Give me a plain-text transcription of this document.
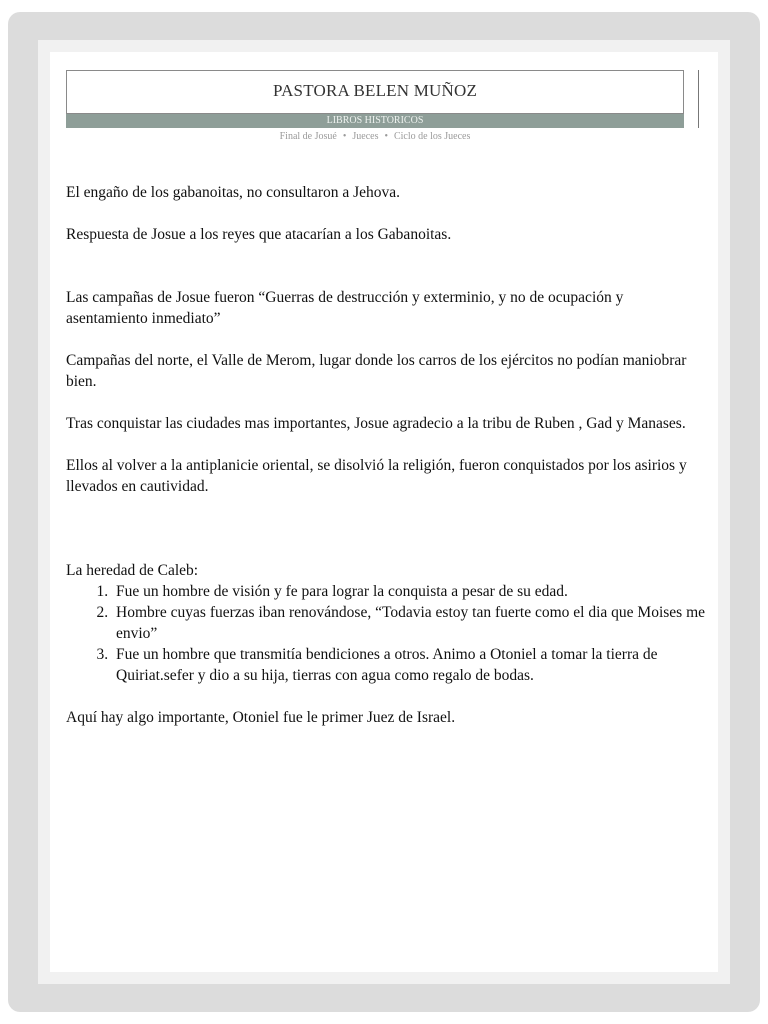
PASTORA BELEN MUÑOZ
LIBROS HISTORICOS
Final de Josué • Jueces • Ciclo de los Jueces

El engaño de los gabanoitas, no consultaron a Jehova.

Respuesta de Josue a los reyes que atacarían a los Gabanoitas.

Las campañas de Josue fueron “Guerras de destrucción y exterminio, y no de ocupación y asentamiento inmediato”

Campañas del norte, el Valle de Merom, lugar donde los carros de los ejércitos no podían maniobrar bien.

Tras conquistar las ciudades mas importantes, Josue agradecio a la tribu de Ruben , Gad y Manases.

Ellos al volver a la antiplanicie oriental, se disolvió la religión, fueron conquistados por los asirios y llevados en cautividad.

La heredad de Caleb:

1. Fue un hombre de visión y fe para lograr la conquista a pesar de su edad.
2. Hombre cuyas fuerzas iban renovándose, “Todavia estoy tan fuerte como el dia que Moises me envio”
3. Fue un hombre que transmitía bendiciones a otros. Animo a Otoniel a tomar la tierra de Quiriat.sefer y dio a su hija, tierras con agua como regalo de bodas.

Aquí hay algo importante, Otoniel fue le primer Juez de Israel.
